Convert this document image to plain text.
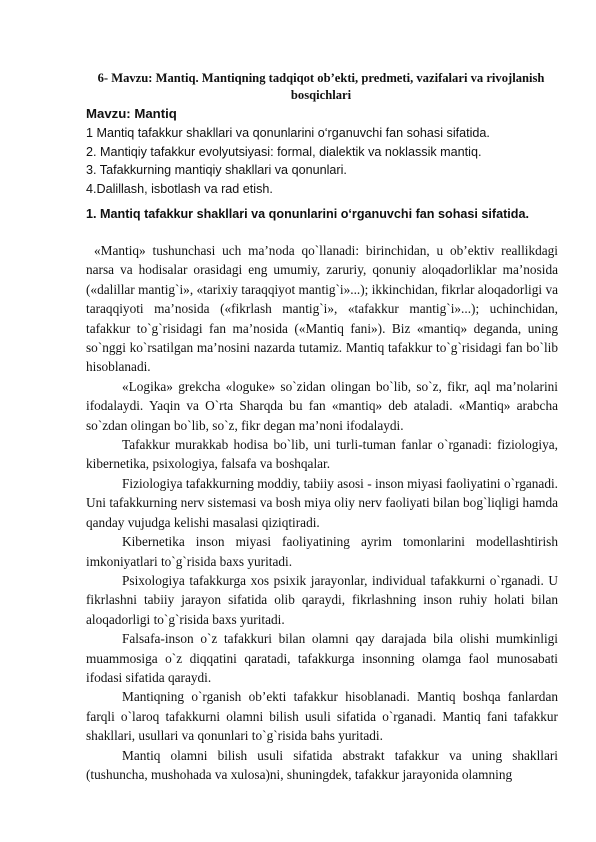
6- Mavzu: Mantiq. Mantiqning tadqiqot ob’ekti, predmeti, vazifalari va rivojlanish bosqichlari
Mavzu: Mantiq
1 Mantiq tafakkur shakllari va qonunlarini o‘rganuvchi fan sohasi sifatida.
2. Mantiqiy tafakkur evolyutsiyasi: formal, dialektik va noklassik mantiq.
3. Tafakkurning mantiqiy shakllari va qonunlari.
4.Dalillash, isbotlash va rad etish.
1. Mantiq tafakkur shakllari va qonunlarini o‘rganuvchi fan sohasi sifatida.

«Mantiq» tushunchasi uch ma’noda qo`llanadi: birinchidan, u ob’ektiv reallikdagi narsa va hodisalar orasidagi eng umumiy, zaruriy, qonuniy aloqadorliklar ma’nosida («dalillar mantig`i», «tarixiy taraqqiyot mantig`i»...); ikkinchidan, fikrlar aloqadorligi va taraqqiyoti ma’nosida («fikrlash mantig`i», «tafakkur mantig`i»...); uchinchidan, tafakkur to`g`risidagi fan ma’nosida («Mantiq fani»). Biz «mantiq» deganda, uning so`nggi ko`rsatilgan ma’nosini nazarda tutamiz. Mantiq tafakkur to`g`risidagi fan bo`lib hisoblanadi.

«Logika» grekcha «loguke» so`zidan olingan bo`lib, so`z, fikr, aql ma’nolarini ifodalaydi. Yaqin va O`rta Sharqda bu fan «mantiq» deb ataladi. «Mantiq» arabcha so`zdan olingan bo`lib, so`z, fikr degan ma’noni ifodalaydi.

Tafakkur murakkab hodisa bo`lib, uni turli-tuman fanlar o`rganadi: fiziologiya, kibernetika, psixologiya, falsafa va boshqalar.

Fiziologiya tafakkurning moddiy, tabiiy asosi - inson miyasi faoliyatini o`rganadi. Uni tafakkurning nerv sistemasi va bosh miya oliy nerv faoliyati bilan bog`liqligi hamda qanday vujudga kelishi masalasi qiziqtiradi.

Kibernetika inson miyasi faoliyatining ayrim tomonlarini modellashtirish imkoniyatlari to`g`risida baxs yuritadi.

Psixologiya tafakkurga xos psixik jarayonlar, individual tafakkurni o`rganadi. U fikrlashni tabiiy jarayon sifatida olib qaraydi, fikrlashning inson ruhiy holati bilan aloqadorligi to`g`risida baxs yuritadi.

Falsafa-inson o`z tafakkuri bilan olamni qay darajada bila olishi mumkinligi muammosiga o`z diqqatini qaratadi, tafakkurga insonning olamga faol munosabati ifodasi sifatida qaraydi.

Mantiqning o`rganish ob’ekti tafakkur hisoblanadi. Mantiq boshqa fanlardan farqli o`laroq tafakkurni olamni bilish usuli sifatida o`rganadi. Mantiq fani tafakkur shakllari, usullari va qonunlari to`g`risida bahs yuritadi.

Mantiq olamni bilish usuli sifatida abstrakt tafakkur va uning shakllari (tushuncha, mushohada va xulosa)ni, shuningdek, tafakkur jarayonida olamning
